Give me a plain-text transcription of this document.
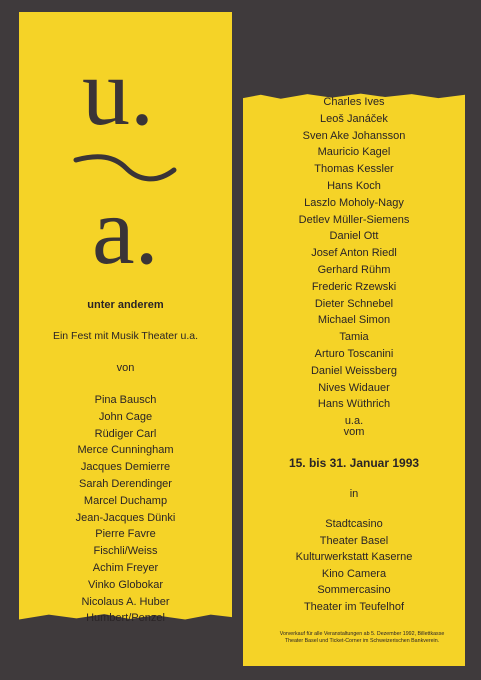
u.
a.
unter anderem
Ein Fest mit Musik Theater u.a.
von
Pina Bausch
John Cage
Rüdiger Carl
Merce Cunningham
Jacques Demierre
Sarah Derendinger
Marcel Duchamp
Jean-Jacques Dünki
Pierre Favre
Fischli/Weiss
Achim Freyer
Vinko Globokar
Nicolaus A. Huber
Humbert/Penzel
Charles Ives
Leoš Janáček
Sven Ake Johansson
Mauricio Kagel
Thomas Kessler
Hans Koch
Laszlo Moholy-Nagy
Detlev Müller-Siemens
Daniel Ott
Josef Anton Riedl
Gerhard Rühm
Frederic Rzewski
Dieter Schnebel
Michael Simon
Tamia
Arturo Toscanini
Daniel Weissberg
Nives Widauer
Hans Wüthrich
u.a.
vom
15. bis 31. Januar 1993
in
Stadtcasino
Theater Basel
Kulturwerkstatt Kaserne
Kino Camera
Sommercasino
Theater im Teufelhof
Vorverkauf für alle Veranstaltungen ab 5. Dezember 1992, Billettkasse
Theater Basel und Ticket-Corner im Schweizerischen Bankverein.
